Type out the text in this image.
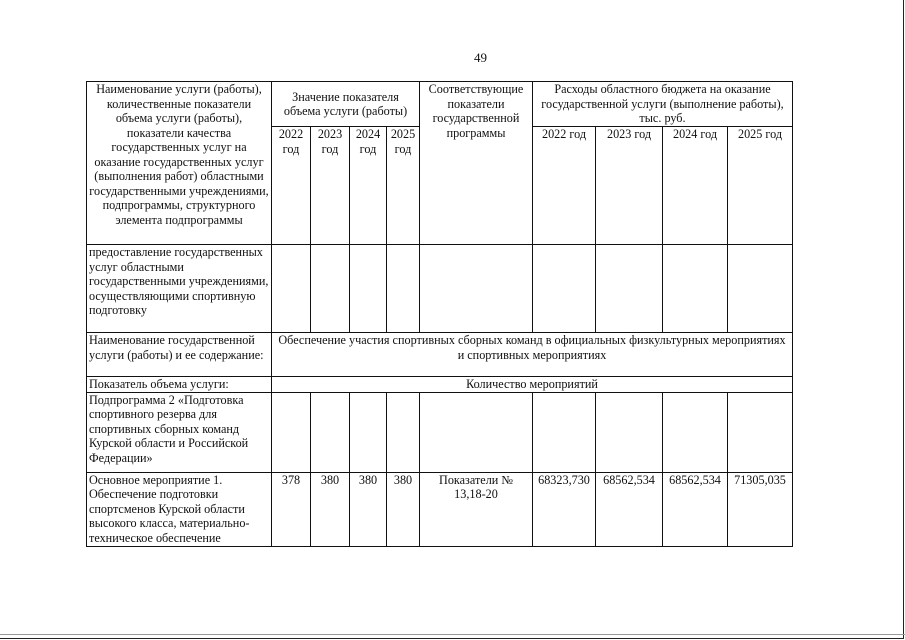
49
Наименование услуги (работы), количественные показатели объема услуги (работы), показатели качества государственных услуг на оказание государственных услуг (выполнения работ) областными государственными учреждениями, подпрограммы, структурного элемента подпрограммы	Значение показателя объема услуги (работы)				Соответствующие показатели государственной программы	Расходы областного бюджета на оказание государственной услуги (выполнение работы), тыс. руб.			
	2022 год	2023 год	2024 год	2025 год		2022 год	2023 год	2024 год	2025 год
предоставление государственных услуг областными государственными учреждениями, осуществляющими спортивную подготовку									
Наименование государственной услуги (работы) и ее содержание:	Обеспечение участия спортивных сборных команд в официальных физкультурных мероприятиях и спортивных мероприятиях								
Показатель объема услуги:	Количество мероприятий								
Подпрограмма 2 «Подготовка спортивного резерва для спортивных сборных команд Курской области и Российской Федерации»									
Основное мероприятие 1. Обеспечение подготовки спортсменов Курской области высокого класса, материально-техническое обеспечение	378	380	380	380	Показатели № 13,18-20	68323,730	68562,534	68562,534	71305,035
